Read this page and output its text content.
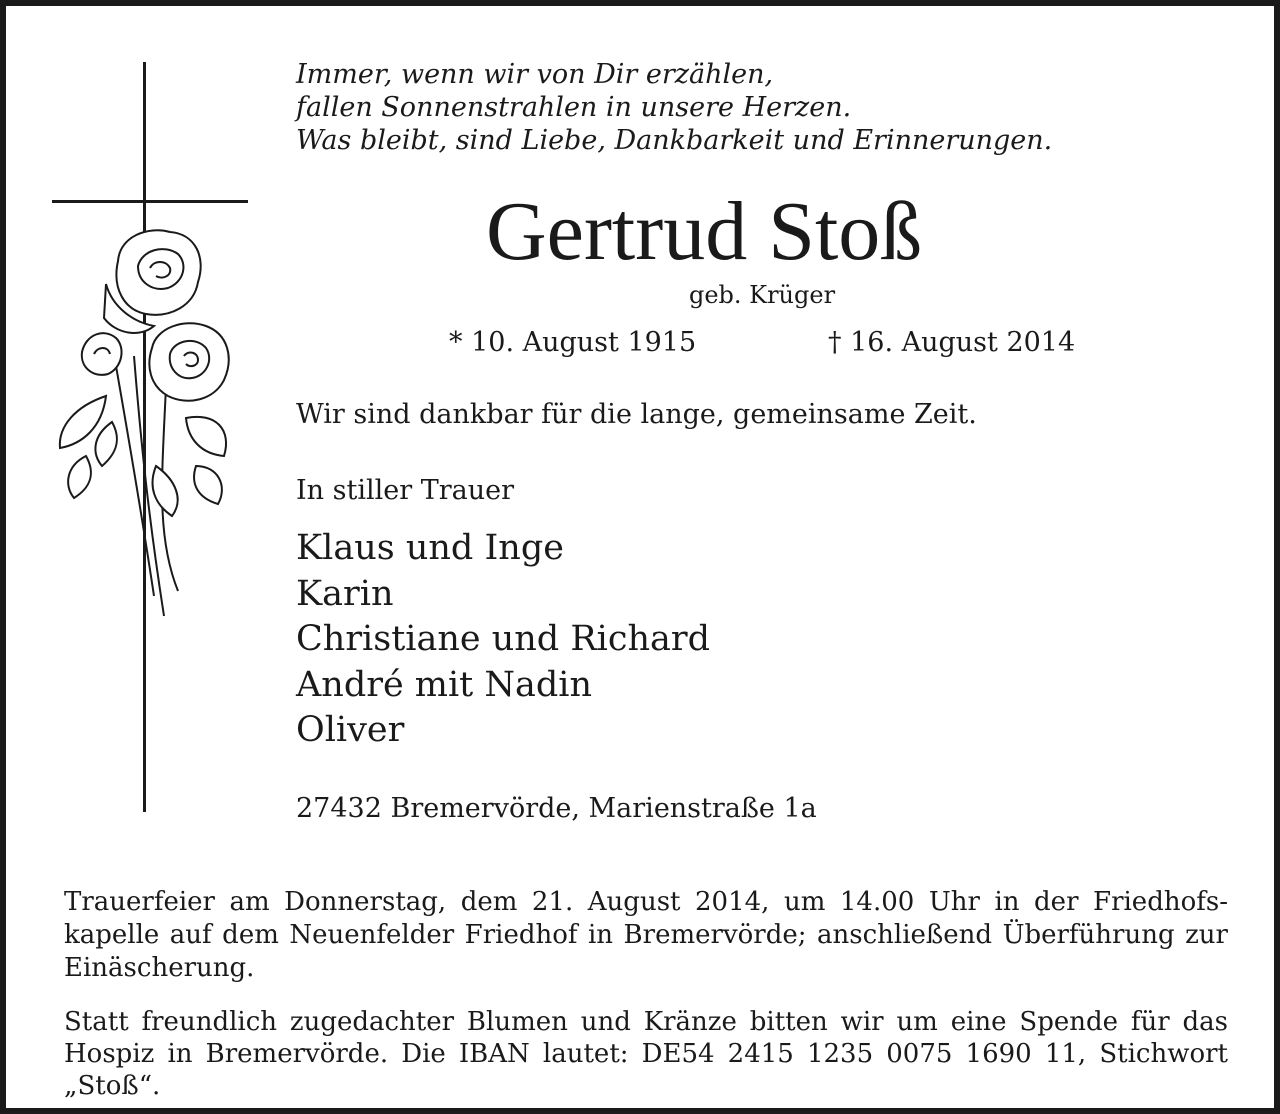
Immer, wenn wir von Dir erzählen,
fallen Sonnenstrahlen in unsere Herzen.
Was bleibt, sind Liebe, Dankbarkeit und Erinnerungen.
Gertrud Stoß
geb. Krüger
* 10. August 1915	† 16. August 2014
Wir sind dankbar für die lange, gemeinsame Zeit.
In stiller Trauer
Klaus und Inge
Karin
Christiane und Richard
André mit Nadin
Oliver
27432 Bremervörde, Marienstraße 1a

Trauerfeier am Donnerstag, dem 21. August 2014, um 14.00 Uhr in der Friedhofs-kapelle auf dem Neuenfelder Friedhof in Bremervörde; anschließend Überführung zur Einäscherung.

Statt freundlich zugedachter Blumen und Kränze bitten wir um eine Spende für das Hospiz in Bremervörde. Die IBAN lautet: DE54 2415 1235 0075 1690 11, Stichwort „Stoß“.
